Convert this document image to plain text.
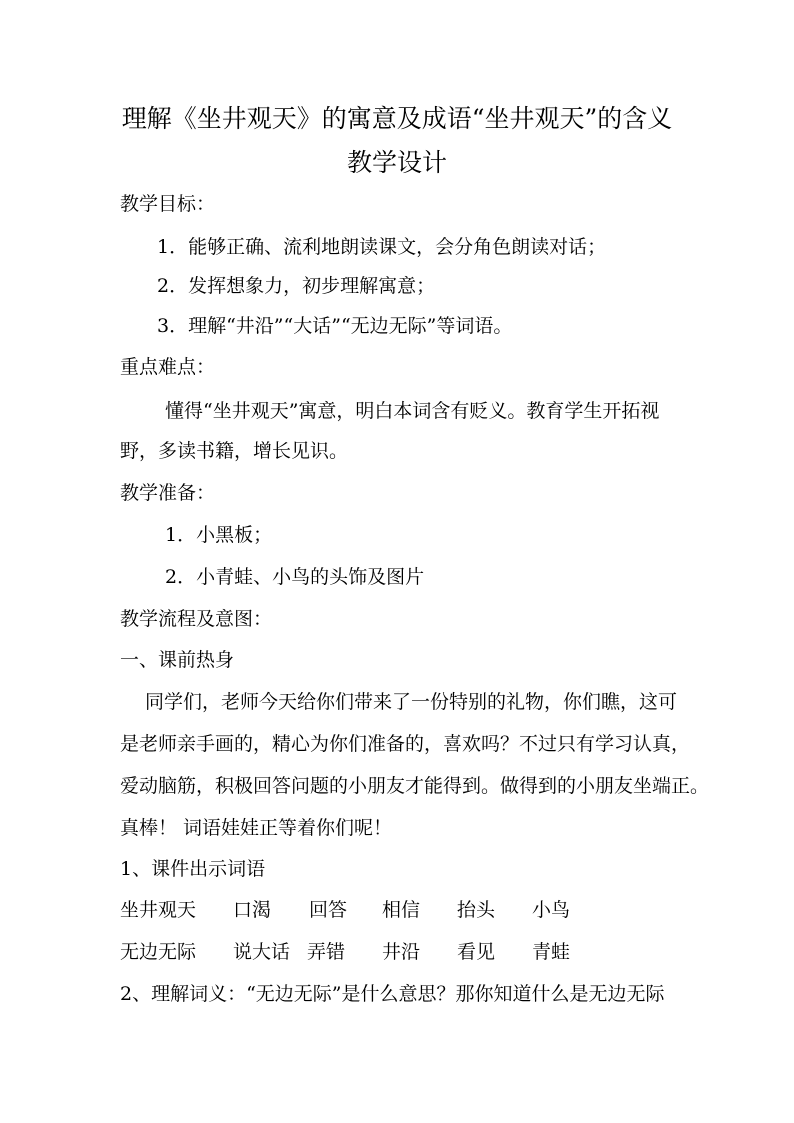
理解《坐井观天》的寓意及成语“坐井观天”的含义
教学设计
教学目标：
1．能够正确、流利地朗读课文，会分角色朗读对话；
2．发挥想象力，初步理解寓意；
3．理解“井沿”“大话”“无边无际”等词语。
重点难点：
懂得“坐井观天”寓意，明白本词含有贬义。教育学生开拓视
野，多读书籍，增长见识。
教学准备：
1．小黑板；
2．小青蛙、小鸟的头饰及图片
教学流程及意图：
一、课前热身
同学们，老师今天给你们带来了一份特别的礼物，你们瞧，这可
是老师亲手画的，精心为你们准备的，喜欢吗？不过只有学习认真，
爱动脑筋，积极回答问题的小朋友才能得到。做得到的小朋友坐端正。
真棒！ 词语娃娃正等着你们呢！
1、课件出示词语
坐井观天 口渴 回答 相信 抬头 小鸟
无边无际 说大话 弄错 井沿 看见 青蛙
2、理解词义：“无边无际”是什么意思？那你知道什么是无边无际
